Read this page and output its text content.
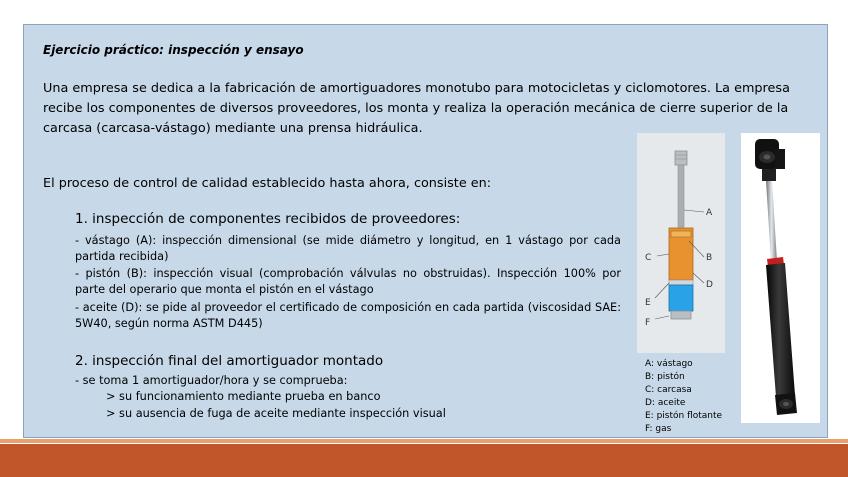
Ejercicio práctico: inspección y ensayo
Una empresa se dedica a la fabricación de amortiguadores monotubo para motocicletas y ciclomotores. La empresa
recibe los componentes de diversos proveedores, los monta y realiza la operación mecánica de cierre superior de la
carcasa (carcasa-vástago) mediante una prensa hidráulica.
El proceso de control de calidad establecido hasta ahora, consiste en:
1. inspección de componentes recibidos de proveedores:
- vástago (A): inspección dimensional (se mide diámetro y longitud, en 1 vástago por cada partida recibida)
- pistón (B): inspección visual (comprobación válvulas no obstruidas). Inspección 100% por parte del operario que monta el pistón en el vástago
- aceite (D): se pide al proveedor el certificado de composición en cada partida (viscosidad SAE: 5W40, según norma ASTM D445)
2. inspección final del amortiguador montado
- se toma 1 amortiguador/hora y se comprueba:
> su funcionamiento mediante prueba en banco
> su ausencia de fuga de aceite mediante inspección visual
A
B
C
D
E
F
A: vástago
B: pistón
C: carcasa
D: aceite
E: pistón flotante
F: gas
